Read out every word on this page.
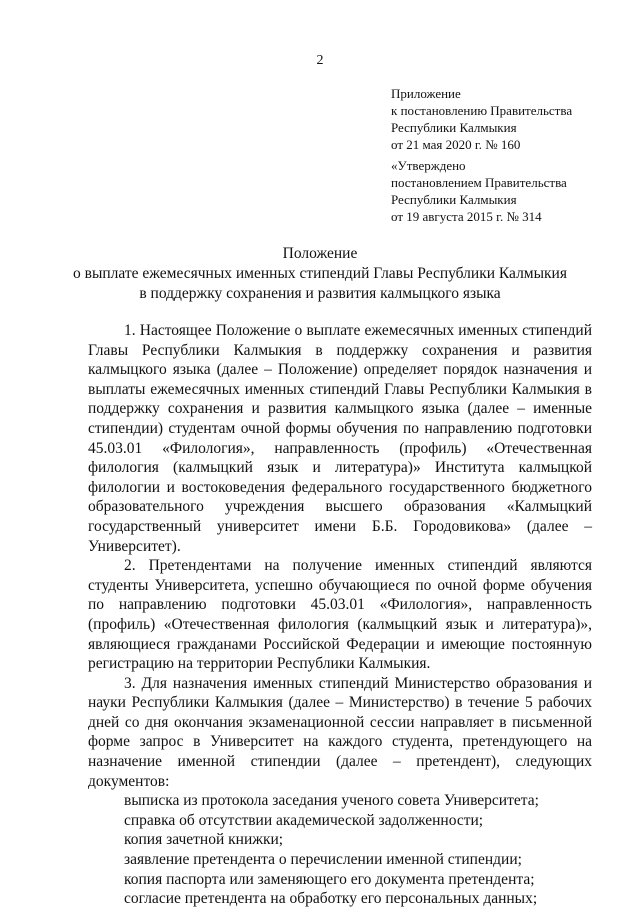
2
Приложение
к постановлению Правительства
Республики Калмыкия
от 21 мая 2020 г. № 160
«Утверждено
постановлением Правительства
Республики Калмыкия
от 19 августа 2015 г. № 314
Положение
о выплате ежемесячных именных стипендий Главы Республики Калмыкия
в поддержку сохранения и развития калмыцкого языка

1. Настоящее Положение о выплате ежемесячных именных стипендий Главы Республики Калмыкия в поддержку сохранения и развития калмыцкого языка (далее – Положение) определяет порядок назначения и выплаты ежемесячных именных стипендий Главы Республики Калмыкия в поддержку сохранения и развития калмыцкого языка (далее – именные стипендии) студентам очной формы обучения по направлению подготовки 45.03.01 «Филология», направленность (профиль) «Отечественная филология (калмыцкий язык и литература)» Института калмыцкой филологии и востоковедения федерального государственного бюджетного образовательного учреждения высшего образования «Калмыцкий государственный университет имени Б.Б. Городовикова» (далее – Университет).

2. Претендентами на получение именных стипендий являются студенты Университета, успешно обучающиеся по очной форме обучения по направлению подготовки 45.03.01 «Филология», направленность (профиль) «Отечественная филология (калмыцкий язык и литература)», являющиеся гражданами Российской Федерации и имеющие постоянную регистрацию на территории Республики Калмыкия.

3. Для назначения именных стипендий Министерство образования и науки Республики Калмыкия (далее – Министерство) в течение 5 рабочих дней со дня окончания экзаменационной сессии направляет в письменной форме запрос в Университет на каждого студента, претендующего на назначение именной стипендии (далее – претендент), следующих документов:

выписка из протокола заседания ученого совета Университета;

справка об отсутствии академической задолженности;

копия зачетной книжки;

заявление претендента о перечислении именной стипендии;

копия паспорта или заменяющего его документа претендента;

согласие претендента на обработку его персональных данных;
